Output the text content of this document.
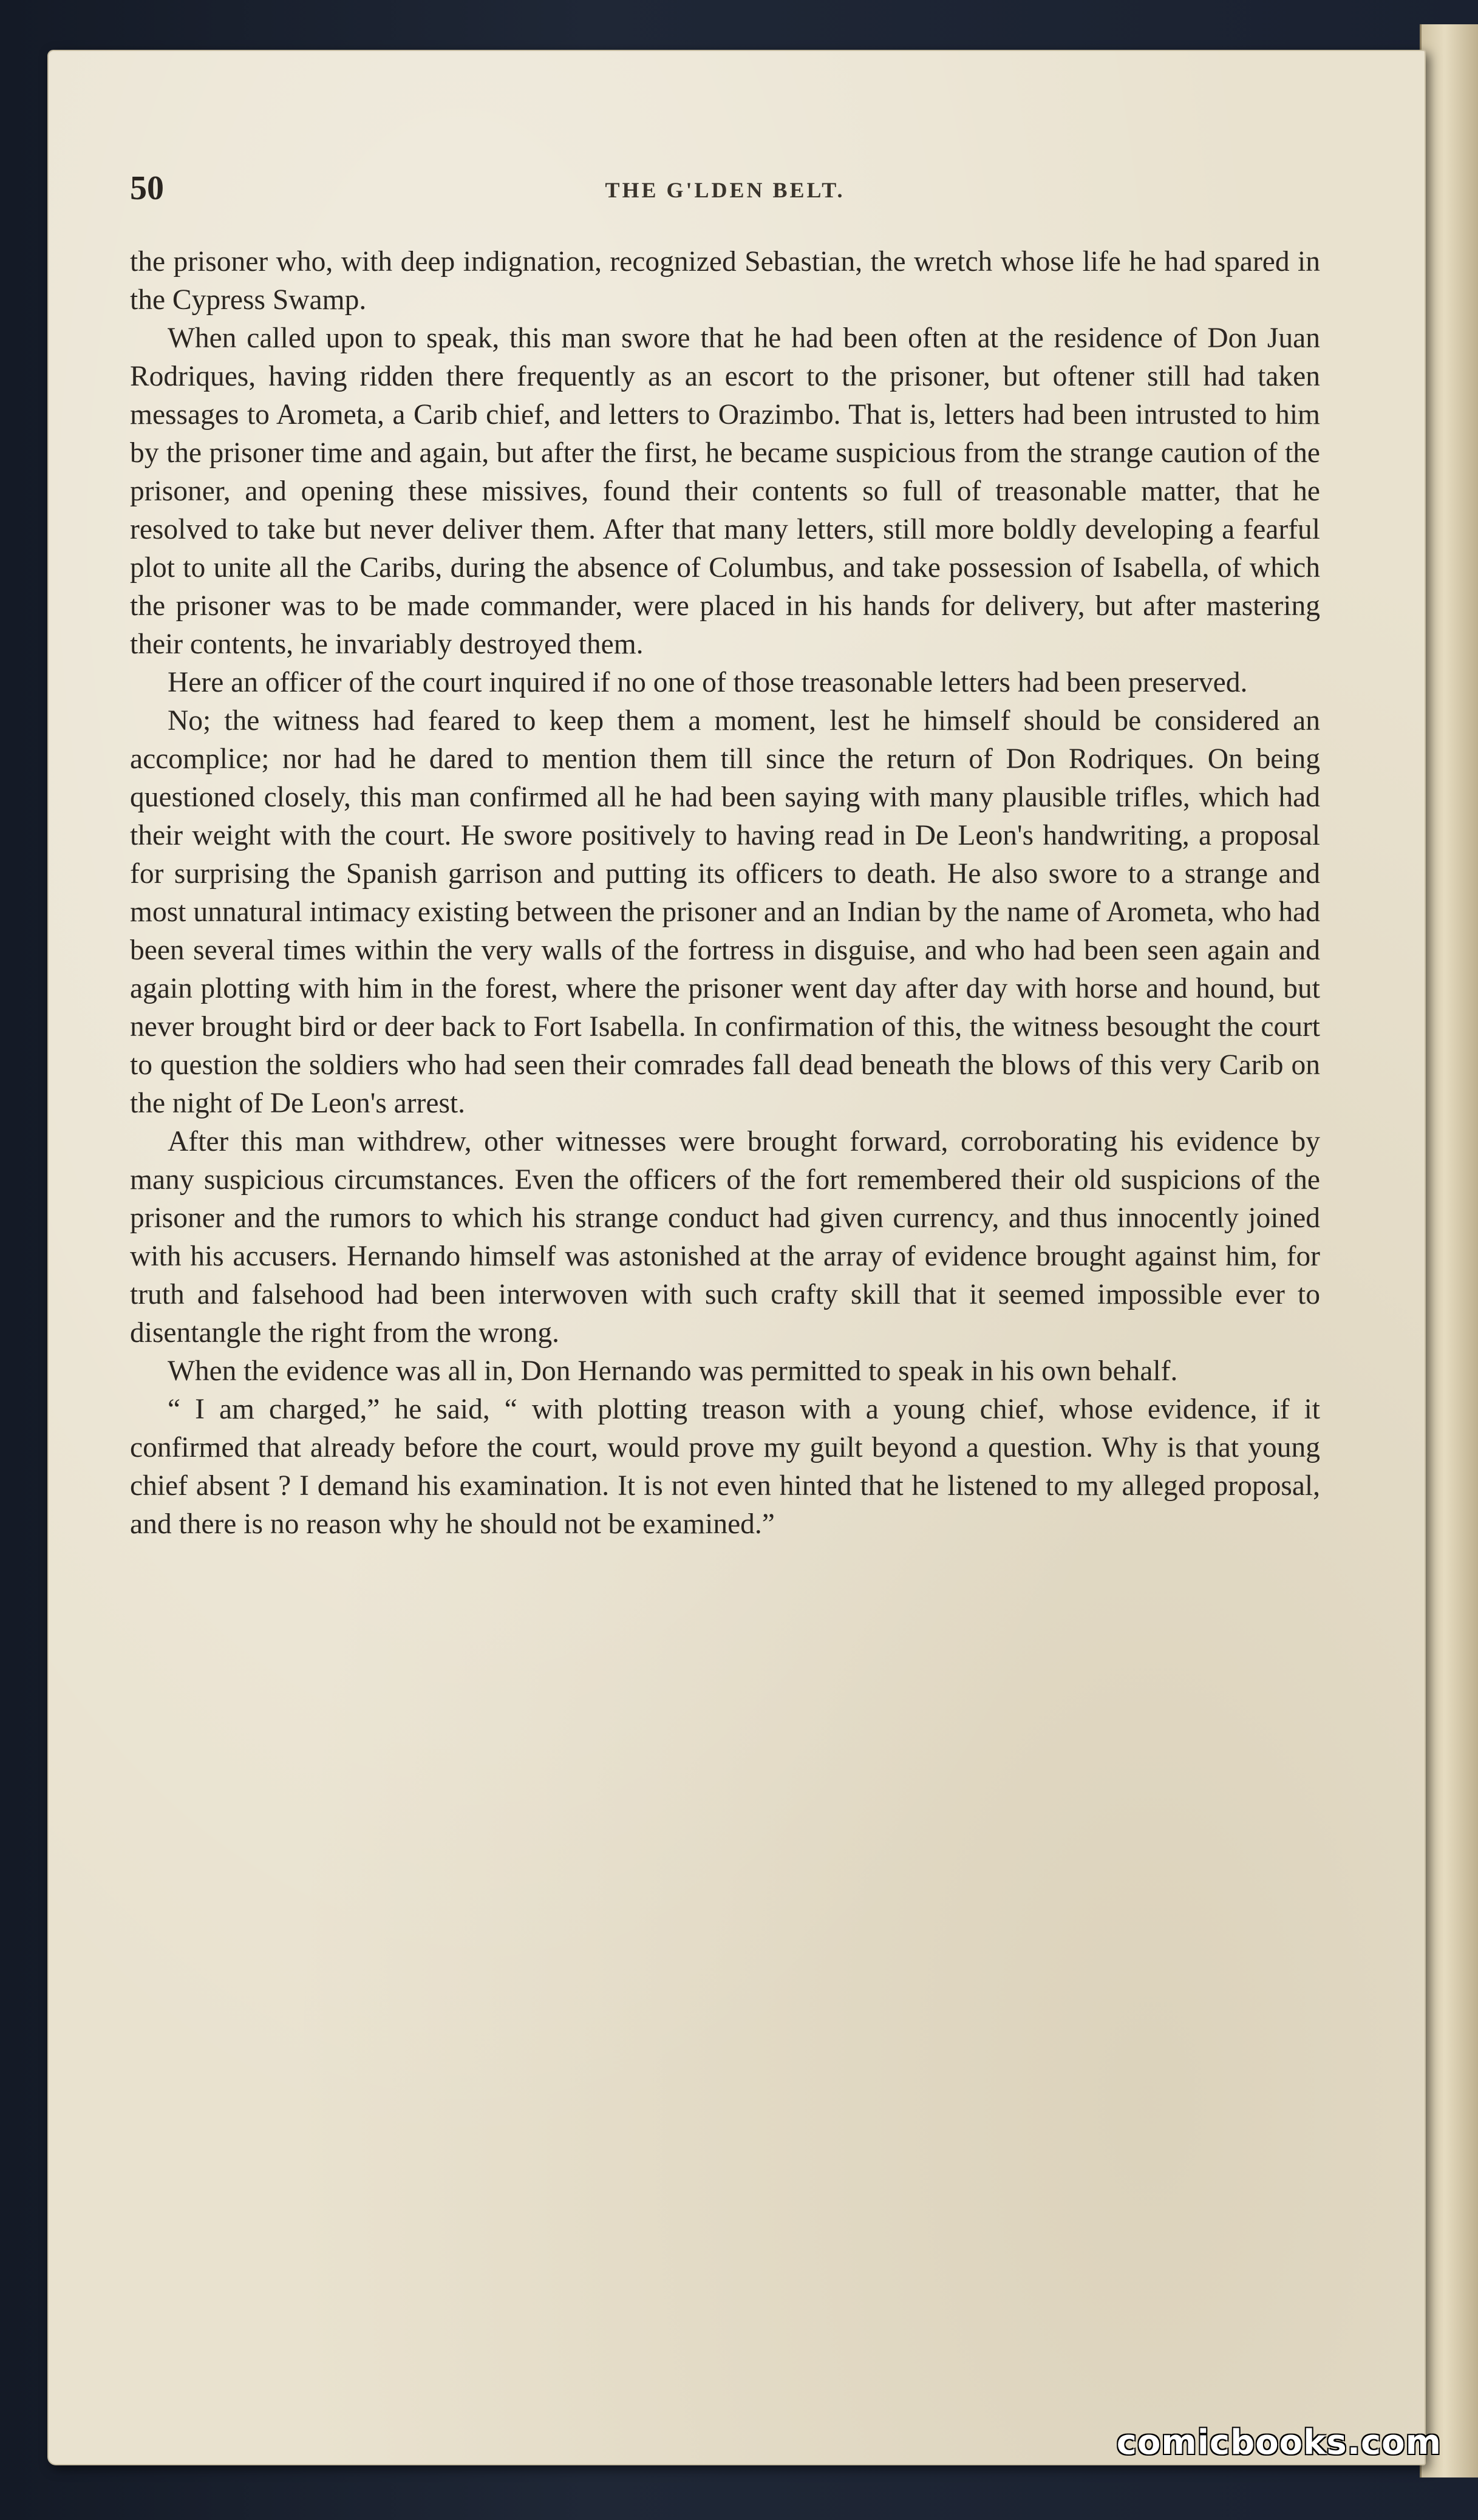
50	THE G'LDEN BELT.

the prisoner who, with deep indignation, recognized Sebastian, the wretch whose life he had spared in the Cypress Swamp.

When called upon to speak, this man swore that he had been often at the residence of Don Juan Rodriques, having ridden there frequently as an escort to the prisoner, but oftener still had taken messages to Arometa, a Carib chief, and letters to Orazimbo. That is, letters had been intrusted to him by the prisoner time and again, but after the first, he became suspicious from the strange caution of the prisoner, and opening these missives, found their contents so full of treasonable matter, that he resolved to take but never deliver them. After that many letters, still more boldly developing a fearful plot to unite all the Caribs, during the absence of Columbus, and take possession of Isabella, of which the prisoner was to be made commander, were placed in his hands for delivery, but after mastering their contents, he invariably destroyed them.

Here an officer of the court inquired if no one of those treasonable letters had been preserved.

No; the witness had feared to keep them a moment, lest he himself should be considered an accomplice; nor had he dared to mention them till since the return of Don Rodriques. On being questioned closely, this man confirmed all he had been saying with many plausible trifles, which had their weight with the court. He swore positively to having read in De Leon's handwriting, a proposal for surprising the Spanish garrison and putting its officers to death. He also swore to a strange and most unnatural intimacy existing between the prisoner and an Indian by the name of Arometa, who had been several times within the very walls of the fortress in disguise, and who had been seen again and again plotting with him in the forest, where the prisoner went day after day with horse and hound, but never brought bird or deer back to Fort Isabella. In confirmation of this, the witness besought the court to question the soldiers who had seen their comrades fall dead beneath the blows of this very Carib on the night of De Leon's arrest.

After this man withdrew, other witnesses were brought forward, corroborating his evidence by many suspicious circumstances. Even the officers of the fort remembered their old suspicions of the prisoner and the rumors to which his strange conduct had given currency, and thus innocently joined with his accusers. Hernando himself was astonished at the array of evidence brought against him, for truth and falsehood had been interwoven with such crafty skill that it seemed impossible ever to disentangle the right from the wrong.

When the evidence was all in, Don Hernando was permitted to speak in his own behalf.

“ I am charged,” he said, “ with plotting treason with a young chief, whose evidence, if it confirmed that already before the court, would prove my guilt beyond a question. Why is that young chief absent ? I demand his examination. It is not even hinted that he listened to my alleged proposal, and there is no reason why he should not be examined.”

comicbooks.com
